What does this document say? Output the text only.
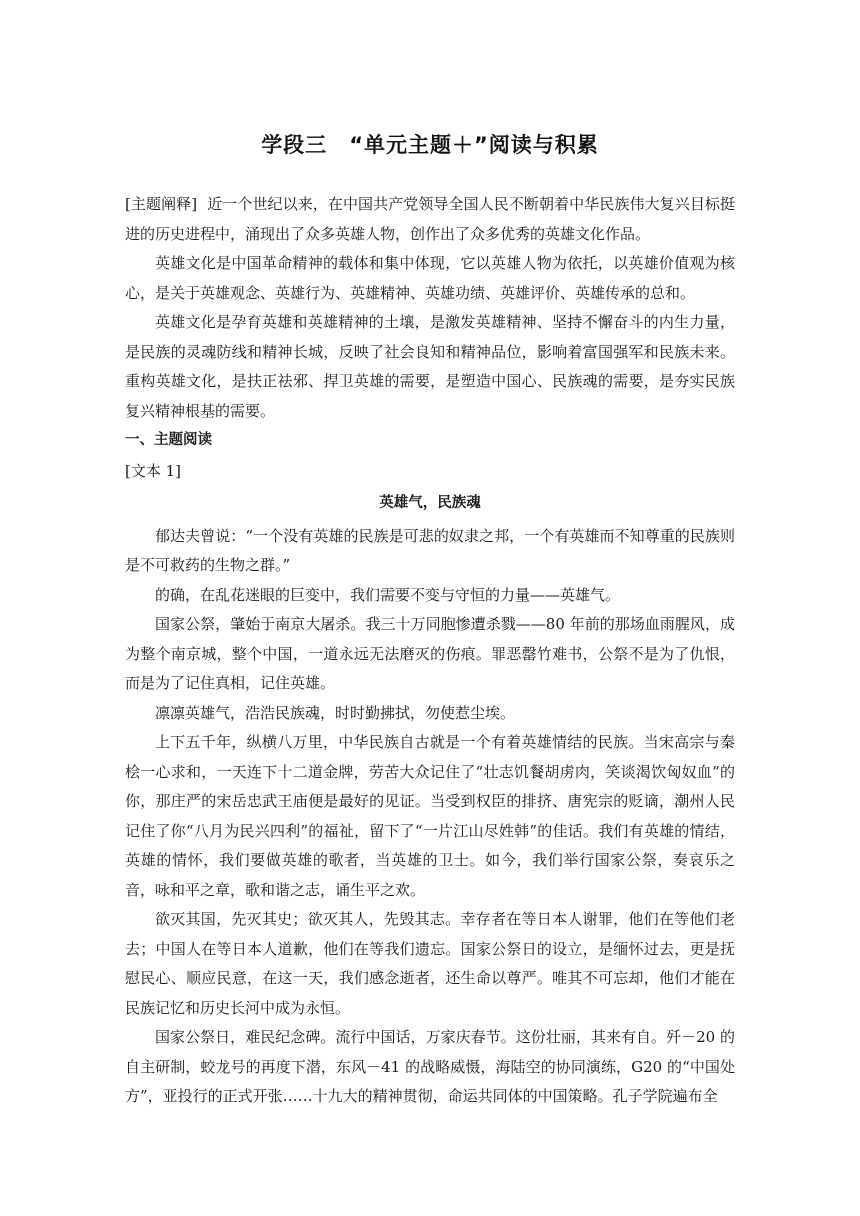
学段三 “单元主题＋”阅读与积累

[主题阐释] 近一个世纪以来，在中国共产党领导全国人民不断朝着中华民族伟大复兴目标挺进的历史进程中，涌现出了众多英雄人物，创作出了众多优秀的英雄文化作品。

英雄文化是中国革命精神的载体和集中体现，它以英雄人物为依托，以英雄价值观为核心，是关于英雄观念、英雄行为、英雄精神、英雄功绩、英雄评价、英雄传承的总和。

英雄文化是孕育英雄和英雄精神的土壤，是激发英雄精神、坚持不懈奋斗的内生力量，是民族的灵魂防线和精神长城，反映了社会良知和精神品位，影响着富国强军和民族未来。重构英雄文化，是扶正祛邪、捍卫英雄的需要，是塑造中国心、民族魂的需要，是夯实民族复兴精神根基的需要。

一、主题阅读
[文本 1]
英雄气，民族魂

郁达夫曾说：“一个没有英雄的民族是可悲的奴隶之邦，一个有英雄而不知尊重的民族则是不可救药的生物之群。”

的确，在乱花迷眼的巨变中，我们需要不变与守恒的力量——英雄气。

国家公祭，肇始于南京大屠杀。我三十万同胞惨遭杀戮——80 年前的那场血雨腥风，成为整个南京城，整个中国，一道永远无法磨灭的伤痕。罪恶罄竹难书，公祭不是为了仇恨，而是为了记住真相，记住英雄。

凛凛英雄气，浩浩民族魂，时时勤拂拭，勿使惹尘埃。

上下五千年，纵横八万里，中华民族自古就是一个有着英雄情结的民族。当宋高宗与秦桧一心求和，一天连下十二道金牌，劳苦大众记住了“壮志饥餐胡虏肉，笑谈渴饮匈奴血”的你，那庄严的宋岳忠武王庙便是最好的见证。当受到权臣的排挤、唐宪宗的贬谪，潮州人民记住了你“八月为民兴四利”的福祉，留下了“一片江山尽姓韩”的佳话。我们有英雄的情结，英雄的情怀，我们要做英雄的歌者，当英雄的卫士。如今，我们举行国家公祭，奏哀乐之音，咏和平之章，歌和谐之志，诵生平之欢。

欲灭其国，先灭其史；欲灭其人，先毁其志。幸存者在等日本人谢罪，他们在等他们老去；中国人在等日本人道歉，他们在等我们遗忘。国家公祭日的设立，是缅怀过去，更是抚慰民心、顺应民意，在这一天，我们感念逝者，还生命以尊严。唯其不可忘却，他们才能在民族记忆和历史长河中成为永恒。

国家公祭日，难民纪念碑。流行中国话，万家庆春节。这份壮丽，其来有自。歼－20 的自主研制，蛟龙号的再度下潜，东风－41 的战略威慑，海陆空的协同演练，G20 的“中国处方”，亚投行的正式开张……十九大的精神贯彻，命运共同体的中国策略。孔子学院遍布全
